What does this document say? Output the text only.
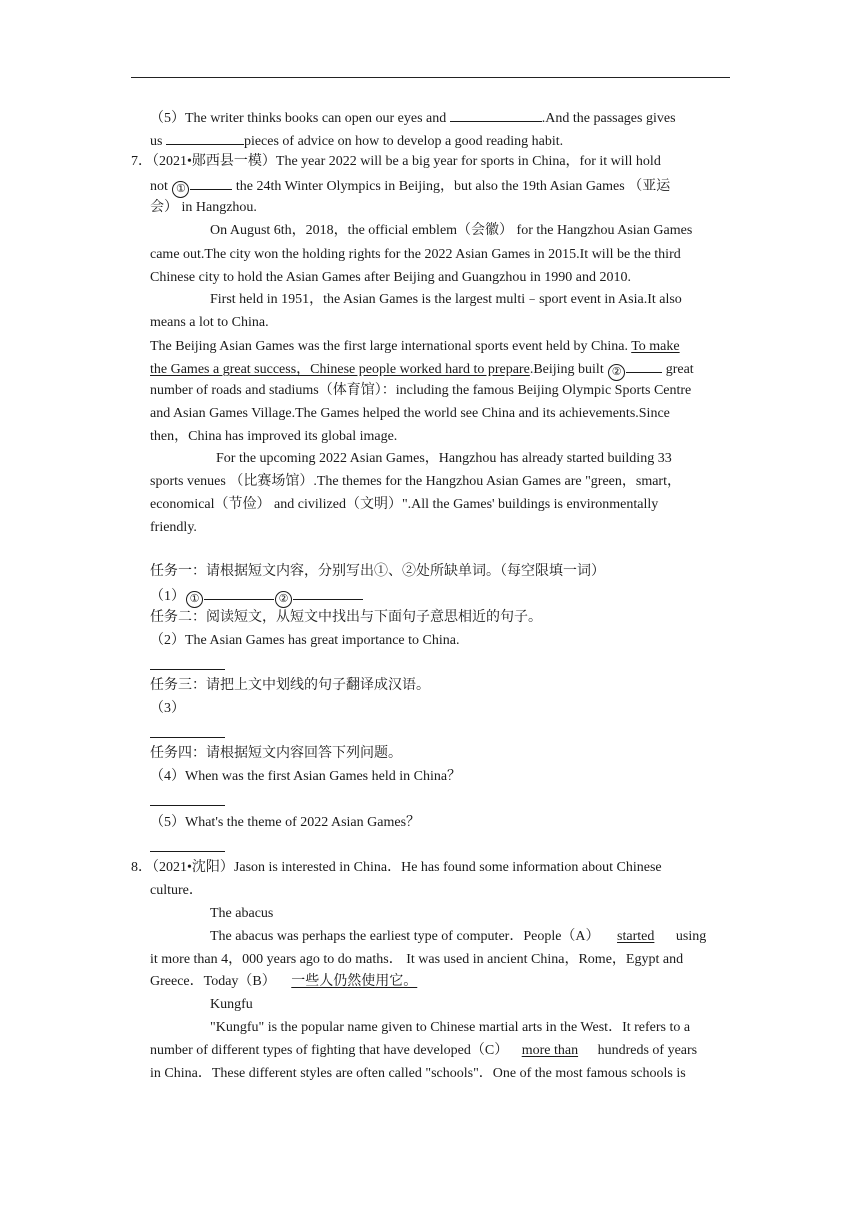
（5）The writer thinks books can open our eyes and	.And the passages gives
us	pieces of advice on how to develop a good reading habit.
7．（2021•郧西县一模）The year 2022 will be a big year for sports in China，for it will hold
not ①	the 24th Winter Olympics in Beijing，but also the 19th Asian Games （亚运
会） in Hangzhou.
On August 6th，2018，the official emblem（会徽） for the Hangzhou Asian Games
came out.The city won the holding rights for the 2022 Asian Games in 2015.It will be the third
Chinese city to hold the Asian Games after Beijing and Guangzhou in 1990 and 2010.
First held in 1951，the Asian Games is the largest multi﹣sport event in Asia.It also
means a lot to China.
The Beijing Asian Games was the first large international sports event held by China. To make
the Games a great success，Chinese people worked hard to prepare.Beijing built ②	great
number of roads and stadiums（体育馆）：including the famous Beijing Olympic Sports Centre
and Asian Games Village.The Games helped the world see China and its achievements.Since
then，China has improved its global image.
For the upcoming 2022 Asian Games，Hangzhou has already started building 33
sports venues （比赛场馆）.The themes for the Hangzhou Asian Games are "green，smart，
economical（节俭） and civilized（文明）".All the Games' buildings is environmentally
friendly.
任务一：请根据短文内容，分别写出①、②处所缺单词。（每空限填一词）
（1） ①	②
任务二：阅读短文，从短文中找出与下面句子意思相近的句子。
（2）The Asian Games has great importance to China.
任务三：请把上文中划线的句子翻译成汉语。
（3）
任务四：请根据短文内容回答下列问题。
（4）When was the first Asian Games held in China？
（5）What's the theme of 2022 Asian Games？
8．（2021•沈阳）Jason is interested in China．He has found some information about Chinese
culture．
The abacus
The abacus was perhaps the earliest type of computer．People（A） started using
it more than 4，000 years ago to do maths． It was used in ancient China，Rome，Egypt and
Greece．Today（B） 一些人仍然使用它。
Kungfu
"Kungfu" is the popular name given to Chinese martial arts in the West．It refers to a
number of different types of fighting that have developed（C） more than hundreds of years
in China．These different styles are often called "schools"．One of the most famous schools is
